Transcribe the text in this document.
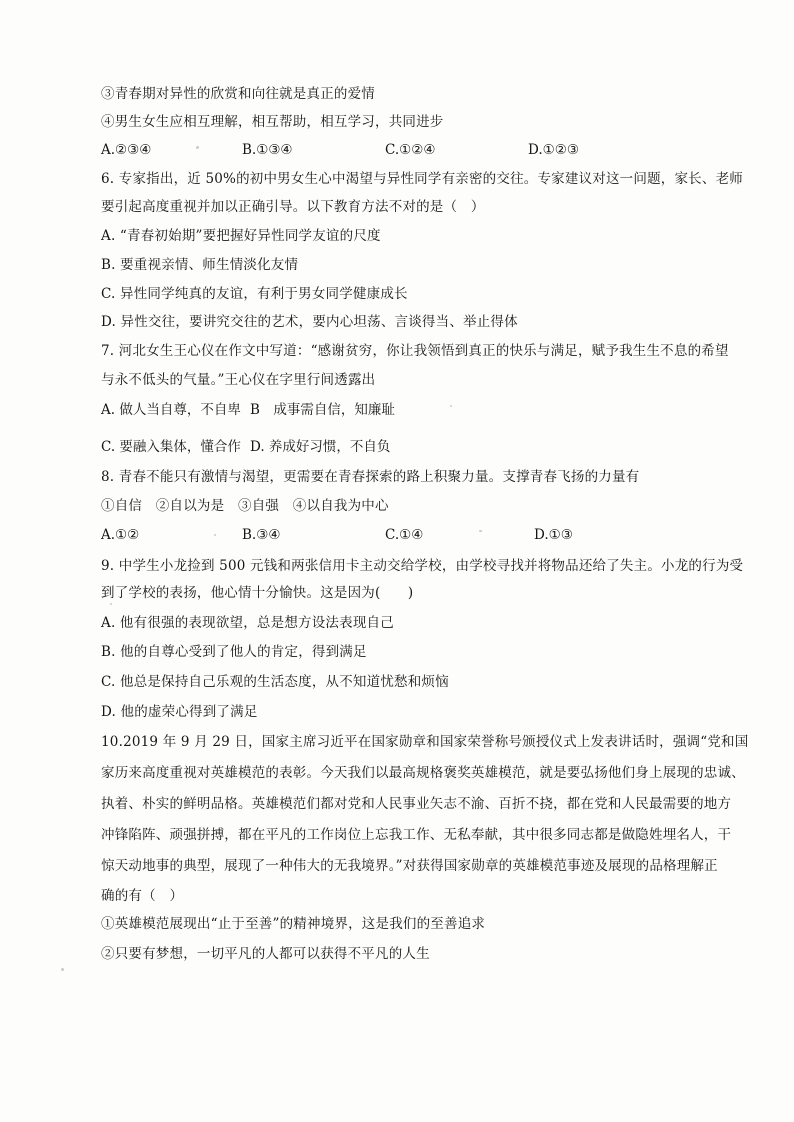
③青春期对异性的欣赏和向往就是真正的爱情
④男生女生应相互理解，相互帮助，相互学习，共同进步
A.②③④	B.①③④	C.①②④	D.①②③
6. 专家指出，近 50%的初中男女生心中渴望与异性同学有亲密的交往。专家建议对这一问题，家长、老师
要引起高度重视并加以正确引导。以下教育方法不对的是（　）
A. “青春初始期”要把握好异性同学友谊的尺度
B. 要重视亲情、师生情淡化友情
C. 异性同学纯真的友谊，有利于男女同学健康成长
D. 异性交往，要讲究交往的艺术，要内心坦荡、言谈得当、举止得体
7. 河北女生王心仪在作文中写道：“感谢贫穷，你让我领悟到真正的快乐与满足，赋予我生生不息的希望
与永不低头的气量。”王心仪在字里行间透露出
A. 做人当自尊，不自卑 B　成事需自信，知廉耻
C. 要融入集体，懂合作 D. 养成好习惯，不自负
8. 青春不能只有激情与渴望，更需要在青春探索的路上积聚力量。支撑青春飞扬的力量有
①自信　②自以为是　③自强　④以自我为中心
A.①②	B.③④	C.①④	D.①③
9. 中学生小龙捡到 500 元钱和两张信用卡主动交给学校，由学校寻找并将物品还给了失主。小龙的行为受
到了学校的表扬，他心情十分愉快。这是因为(　　)
A. 他有很强的表现欲望，总是想方设法表现自己
B. 他的自尊心受到了他人的肯定，得到满足
C. 他总是保持自己乐观的生活态度，从不知道忧愁和烦恼
D. 他的虚荣心得到了满足
10.2019 年 9 月 29 日，国家主席习近平在国家勋章和国家荣誉称号颁授仪式上发表讲话时，强调“党和国
家历来高度重视对英雄模范的表彰。今天我们以最高规格褒奖英雄模范，就是要弘扬他们身上展现的忠诚、
执着、朴实的鲜明品格。英雄模范们都对党和人民事业矢志不渝、百折不挠，都在党和人民最需要的地方
冲锋陷阵、顽强拼搏，都在平凡的工作岗位上忘我工作、无私奉献，其中很多同志都是做隐姓埋名人，干
惊天动地事的典型，展现了一种伟大的无我境界。”对获得国家勋章的英雄模范事迹及展现的品格理解正
确的有（　）
①英雄模范展现出“止于至善”的精神境界，这是我们的至善追求
②只要有梦想，一切平凡的人都可以获得不平凡的人生
